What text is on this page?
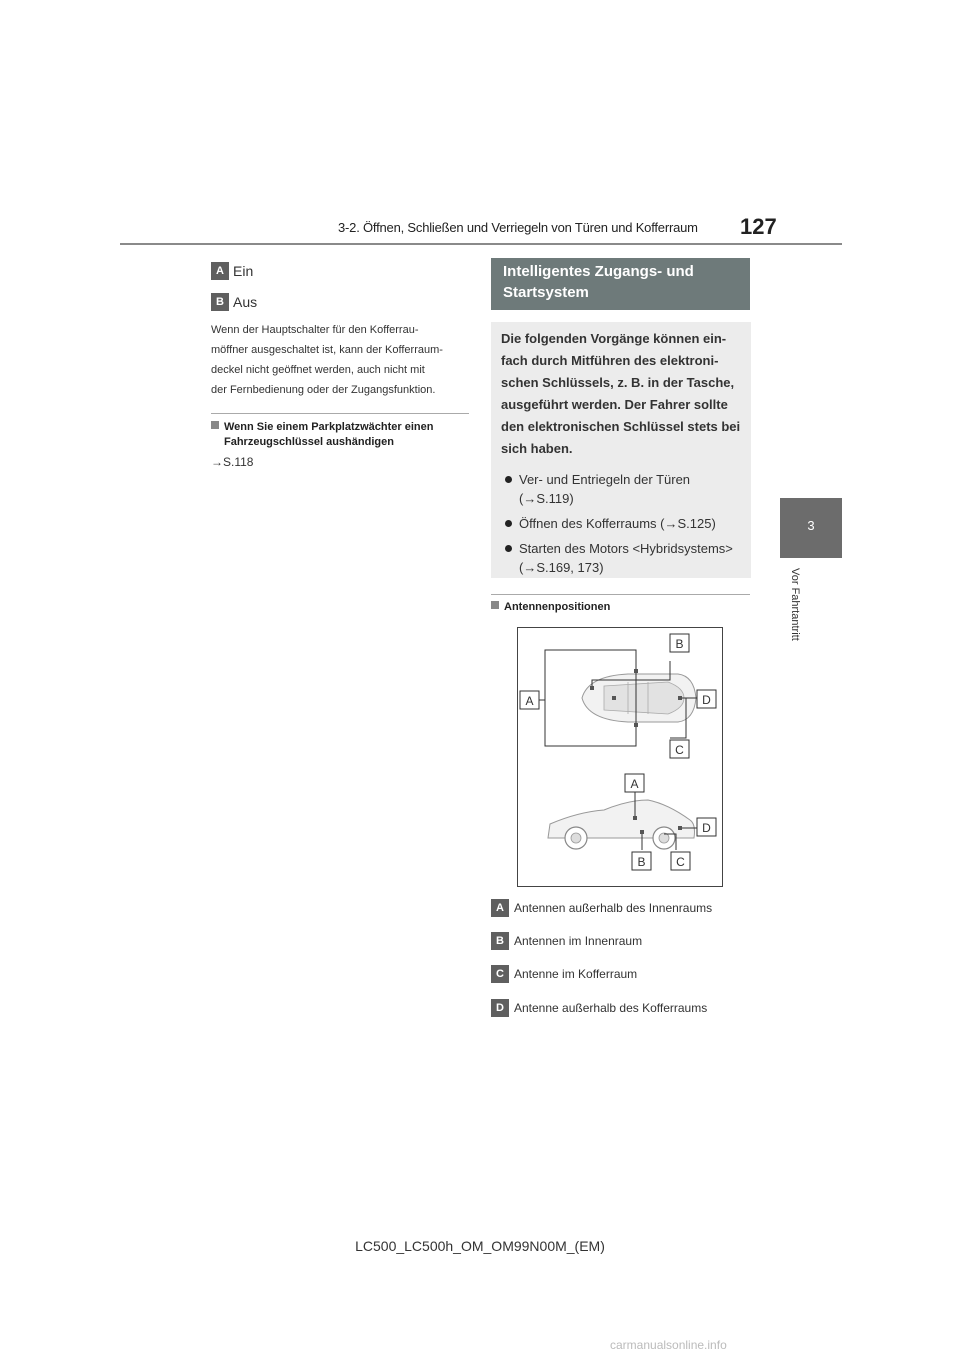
3-2. Öffnen, Schließen und Verriegeln von Türen und Kofferraum 127
3
Vor Fahrtantritt
A Ein
B Aus
Wenn der Hauptschalter für den Kofferrau-
möffner ausgeschaltet ist, kann der Kofferraum-
deckel nicht geöffnet werden, auch nicht mit
der Fernbedienung oder der Zugangsfunktion.
Wenn Sie einem Parkplatzwächter einen
Fahrzeugschlüssel aushändigen
→S.118
Intelligentes Zugangs- und
Startsystem
Die folgenden Vorgänge können ein-
fach durch Mitführen des elektroni-
schen Schlüssels, z. B. in der Tasche,
ausgeführt werden. Der Fahrer sollte
den elektronischen Schlüssel stets bei
sich haben.
Ver- und Entriegeln der Türen
(→S.119)
Öffnen des Kofferraums (→S.125)
Starten des Motors <Hybridsystems>
(→S.169, 173)
Antennenpositionen
B
A	D
C
A
D
B	C
A Antennen außerhalb des Innenraums
B Antennen im Innenraum
C Antenne im Kofferraum
D Antenne außerhalb des Kofferraums
LC500_LC500h_OM_OM99N00M_(EM)
carmanualsonline.info
